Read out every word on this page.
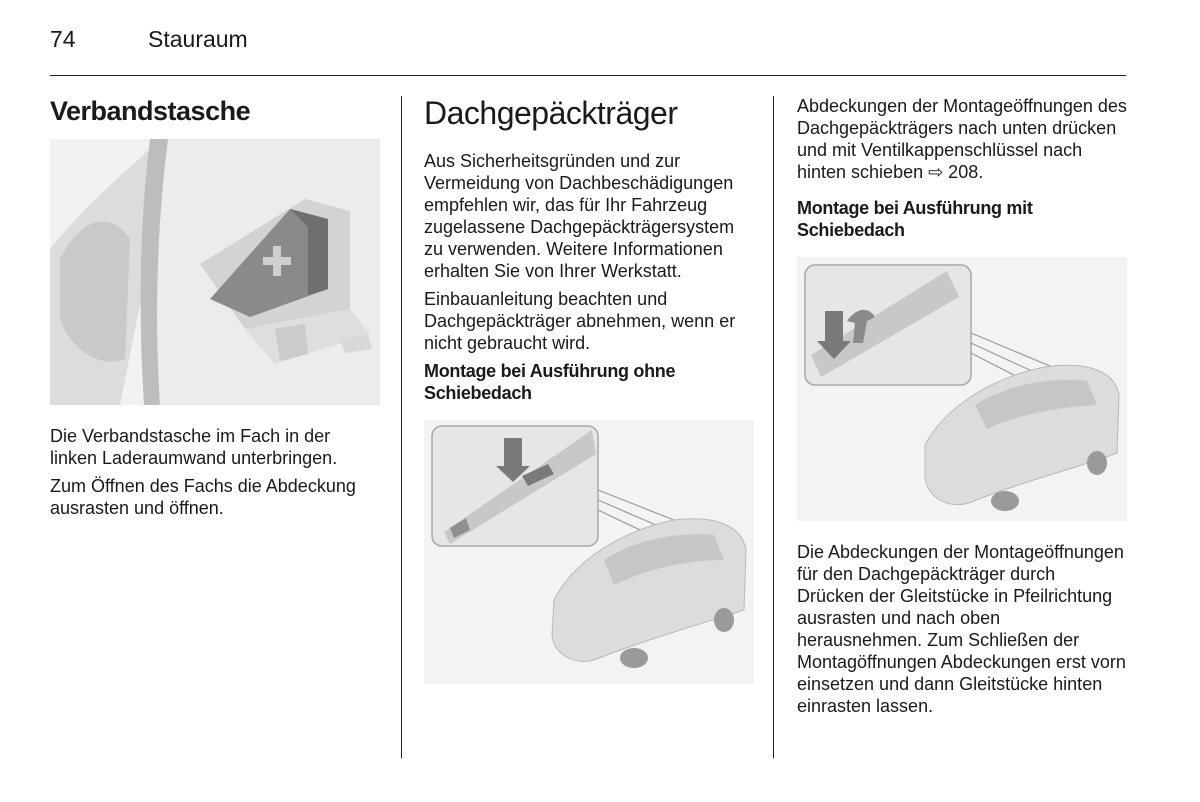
74	Stauraum
Verbandstasche

Die Verbandstasche im Fach in der linken Laderaumwand unterbringen.

Zum Öffnen des Fachs die Abdeckung ausrasten und öffnen.

Dachgepäckträger

Aus Sicherheitsgründen und zur Vermeidung von Dachbeschädigungen empfehlen wir, das für Ihr Fahrzeug zugelassene Dachgepäckträgersystem zu verwenden. Weitere Informationen erhalten Sie von Ihrer Werkstatt.

Einbauanleitung beachten und Dachgepäckträger abnehmen, wenn er nicht gebraucht wird.

Montage bei Ausführung ohne Schiebedach

Abdeckungen der Montageöffnungen des Dachgepäckträgers nach unten drücken und mit Ventilkappenschlüssel nach hinten schieben ⇨ 208.

Montage bei Ausführung mit Schiebedach

Die Abdeckungen der Montageöffnungen für den Dachgepäckträger durch Drücken der Gleitstücke in Pfeilrichtung ausrasten und nach oben herausnehmen. Zum Schließen der Montagöffnungen Abdeckungen erst vorn einsetzen und dann Gleitstücke hinten einrasten lassen.
